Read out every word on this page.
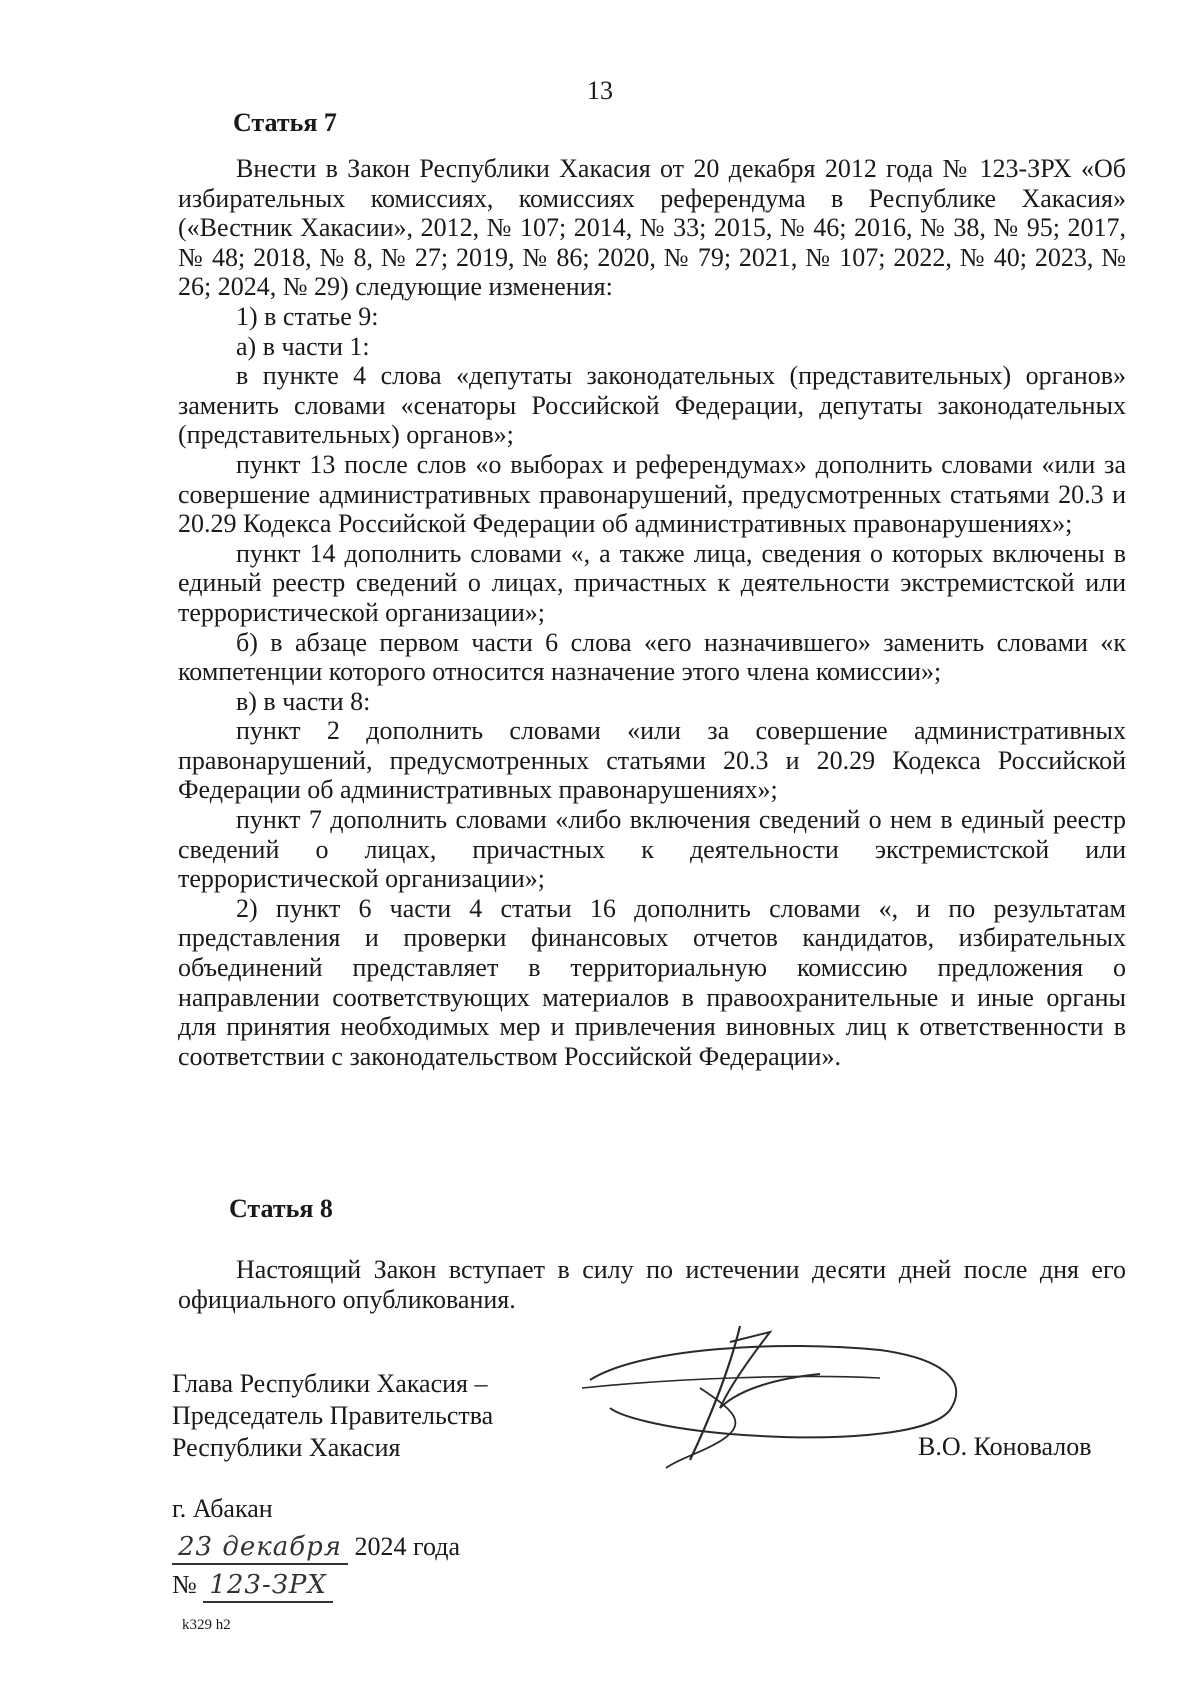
13
Статья 7

Внести в Закон Республики Хакасия от 20 декабря 2012 года № 123-ЗРХ «Об избирательных комиссиях, комиссиях референдума в Республике Хакасия» («Вестник Хакасии», 2012, № 107; 2014, № 33; 2015, № 46; 2016, № 38, № 95; 2017, № 48; 2018, № 8, № 27; 2019, № 86; 2020, № 79; 2021, № 107; 2022, № 40; 2023, № 26; 2024, № 29) следующие изменения:

1) в статье 9:

а) в части 1:

в пункте 4 слова «депутаты законодательных (представительных) органов» заменить словами «сенаторы Российской Федерации, депутаты законодательных (представительных) органов»;

пункт 13 после слов «о выборах и референдумах» дополнить словами «или за совершение административных правонарушений, предусмотренных статьями 20.3 и 20.29 Кодекса Российской Федерации об административных правонарушениях»;

пункт 14 дополнить словами «, а также лица, сведения о которых включены в единый реестр сведений о лицах, причастных к деятельности экстремистской или террористической организации»;

б) в абзаце первом части 6 слова «его назначившего» заменить словами «к компетенции которого относится назначение этого члена комиссии»;

в) в части 8:

пункт 2 дополнить словами «или за совершение административных правонарушений, предусмотренных статьями 20.3 и 20.29 Кодекса Российской Федерации об административных правонарушениях»;

пункт 7 дополнить словами «либо включения сведений о нем в единый реестр сведений о лицах, причастных к деятельности экстремистской или террористической организации»;

2) пункт 6 части 4 статьи 16 дополнить словами «, и по результатам представления и проверки финансовых отчетов кандидатов, избирательных объединений представляет в территориальную комиссию предложения о направлении соответствующих материалов в правоохранительные и иные органы для принятия необходимых мер и привлечения виновных лиц к ответственности в соответствии с законодательством Российской Федерации».

Статья 8

Настоящий Закон вступает в силу по истечении десяти дней после дня его официального опубликования.

Глава Республики Хакасия –
Председатель Правительства
Республики Хакасия	В.О. Коновалов
г. Абакан
23 декабря 2024 года
№ 123-ЗРХ
k329 h2
